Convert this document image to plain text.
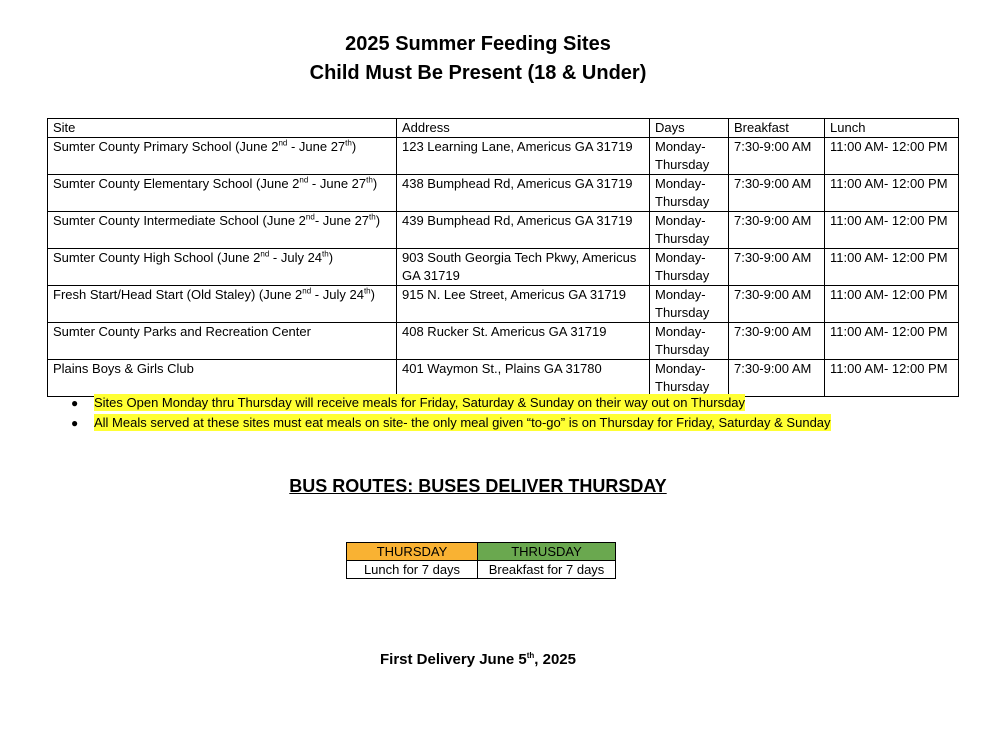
2025 Summer Feeding Sites
Child Must Be Present (18 & Under)
Site	Address	Days	Breakfast	Lunch
Sumter County Primary School (June 2nd - June 27th)	123 Learning Lane, Americus GA 31719	Monday-Thursday	7:30-9:00 AM	11:00 AM- 12:00 PM
Sumter County Elementary School (June 2nd - June 27th)	438 Bumphead Rd, Americus GA 31719	Monday-Thursday	7:30-9:00 AM	11:00 AM- 12:00 PM
Sumter County Intermediate School (June 2nd- June 27th)	439 Bumphead Rd, Americus GA 31719	Monday-Thursday	7:30-9:00 AM	11:00 AM- 12:00 PM
Sumter County High School (June 2nd - July 24th)	903 South Georgia Tech Pkwy, Americus GA 31719	Monday-Thursday	7:30-9:00 AM	11:00 AM- 12:00 PM
Fresh Start/Head Start (Old Staley) (June 2nd - July 24th)	915 N. Lee Street, Americus GA 31719	Monday-Thursday	7:30-9:00 AM	11:00 AM- 12:00 PM
Sumter County Parks and Recreation Center	408 Rucker St. Americus GA 31719	Monday-Thursday	7:30-9:00 AM	11:00 AM- 12:00 PM
Plains Boys & Girls Club	401 Waymon St., Plains GA 31780	Monday-Thursday	7:30-9:00 AM	11:00 AM- 12:00 PM
● Sites Open Monday thru Thursday will receive meals for Friday, Saturday & Sunday on their way out on Thursday
● All Meals served at these sites must eat meals on site- the only meal given “to-go” is on Thursday for Friday, Saturday & Sunday
BUS ROUTES: BUSES DELIVER THURSDAY
THURSDAY	THRUSDAY
Lunch for 7 days	Breakfast for 7 days
First Delivery June 5th, 2025
